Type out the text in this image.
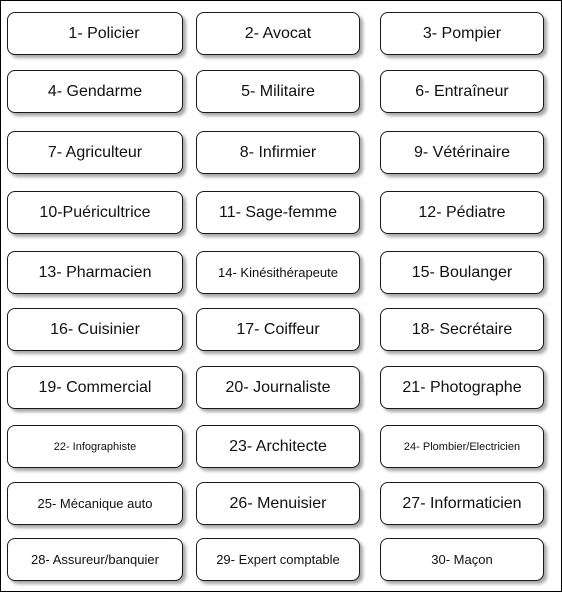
1- Policier	2- Avocat	3- Pompier
4- Gendarme	5- Militaire	6- Entraîneur
7- Agriculteur	8- Infirmier	9- Vétérinaire
10-Puéricultrice	11- Sage-femme	12- Pédiatre
13- Pharmacien	14- Kinésithérapeute	15- Boulanger
16- Cuisinier	17- Coiffeur	18- Secrétaire
19- Commercial	20- Journaliste	21- Photographe
22- Infographiste	23- Architecte	24- Plombier/Electricien
25- Mécanique auto	26- Menuisier	27- Informaticien
28- Assureur/banquier	29- Expert comptable	30- Maçon
